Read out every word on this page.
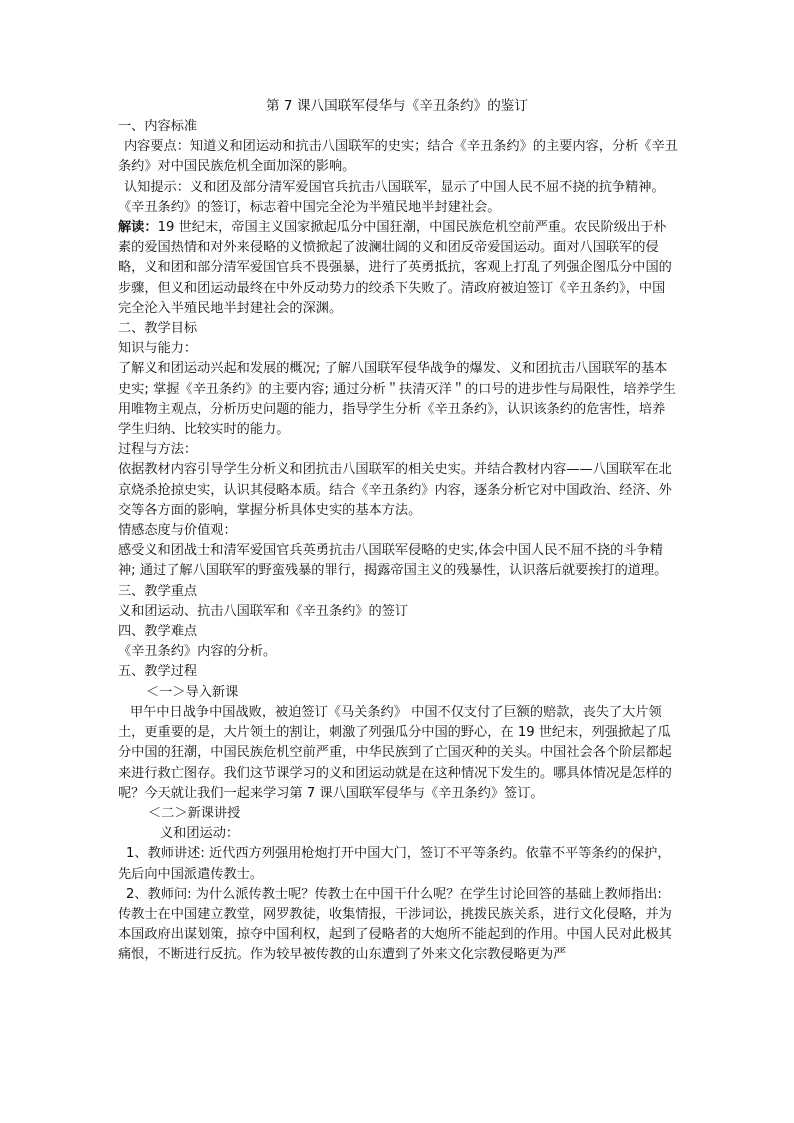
第 7 课八国联军侵华与《辛丑条约》的鉴订

一、内容标准

内容要点：知道义和团运动和抗击八国联军的史实；结合《辛丑条约》的主要内容，分析《辛丑条约》对中国民族危机全面加深的影响。

认知提示：义和团及部分清军爱国官兵抗击八国联军，显示了中国人民不屈不挠的抗争精神。《辛丑条约》的签订，标志着中国完全沦为半殖民地半封建社会。

解读：19 世纪末，帝国主义国家掀起瓜分中国狂潮，中国民族危机空前严重。农民阶级出于朴素的爱国热情和对外来侵略的义愤掀起了波澜壮阔的义和团反帝爱国运动。面对八国联军的侵略，义和团和部分清军爱国官兵不畏强暴，进行了英勇抵抗，客观上打乱了列强企图瓜分中国的步骤，但义和团运动最终在中外反动势力的绞杀下失败了。清政府被迫签订《辛丑条约》，中国完全沦入半殖民地半封建社会的深渊。

二、教学目标

知识与能力：

了解义和团运动兴起和发展的概况; 了解八国联军侵华战争的爆发、义和团抗击八国联军的基本史实; 掌握《辛丑条约》的主要内容; 通过分析＂扶清灭洋＂的口号的进步性与局限性，培养学生用唯物主观点，分析历史问题的能力，指导学生分析《辛丑条约》，认识该条约的危害性，培养学生归纳、比较实时的能力。

过程与方法：

依据教材内容引导学生分析义和团抗击八国联军的相关史实。并结合教材内容——八国联军在北京烧杀抢掠史实，认识其侵略本质。结合《辛丑条约》内容，逐条分析它对中国政治、经济、外交等各方面的影响，掌握分析具体史实的基本方法。

情感态度与价值观：

感受义和团战士和清军爱国官兵英勇抗击八国联军侵略的史实,体会中国人民不屈不挠的斗争精神; 通过了解八国联军的野蛮残暴的罪行，揭露帝国主义的残暴性，认识落后就要挨打的道理。

三、教学重点

义和团运动、抗击八国联军和《辛丑条约》的签订

四、教学难点

《辛丑条约》内容的分析。

五、教学过程

＜一＞导入新课

甲午中日战争中国战败，被迫签订《马关条约》 中国不仅支付了巨额的赔款，丧失了大片领土，更重要的是，大片领土的割让，刺激了列强瓜分中国的野心，在 19 世纪末，列强掀起了瓜分中国的狂潮，中国民族危机空前严重，中华民族到了亡国灭种的关头。中国社会各个阶层都起来进行救亡图存。我们这节课学习的义和团运动就是在这种情况下发生的。哪具体情况是怎样的呢？今天就让我们一起来学习第 7 课八国联军侵华与《辛丑条约》签订。

＜二＞新课讲授

义和团运动：

1、教师讲述: 近代西方列强用枪炮打开中国大门，签订不平等条约。依靠不平等条约的保护，先后向中国派遣传教士。

2、教师问: 为什么派传教士呢？传教士在中国干什么呢？在学生讨论回答的基础上教师指出: 传教士在中国建立教堂，网罗教徒，收集情报，干涉词讼，挑拨民族关系，进行文化侵略，并为本国政府出谋划策，掠夺中国利权，起到了侵略者的大炮所不能起到的作用。中国人民对此极其痛恨，不断进行反抗。作为较早被传教的山东遭到了外来文化宗教侵略更为严
